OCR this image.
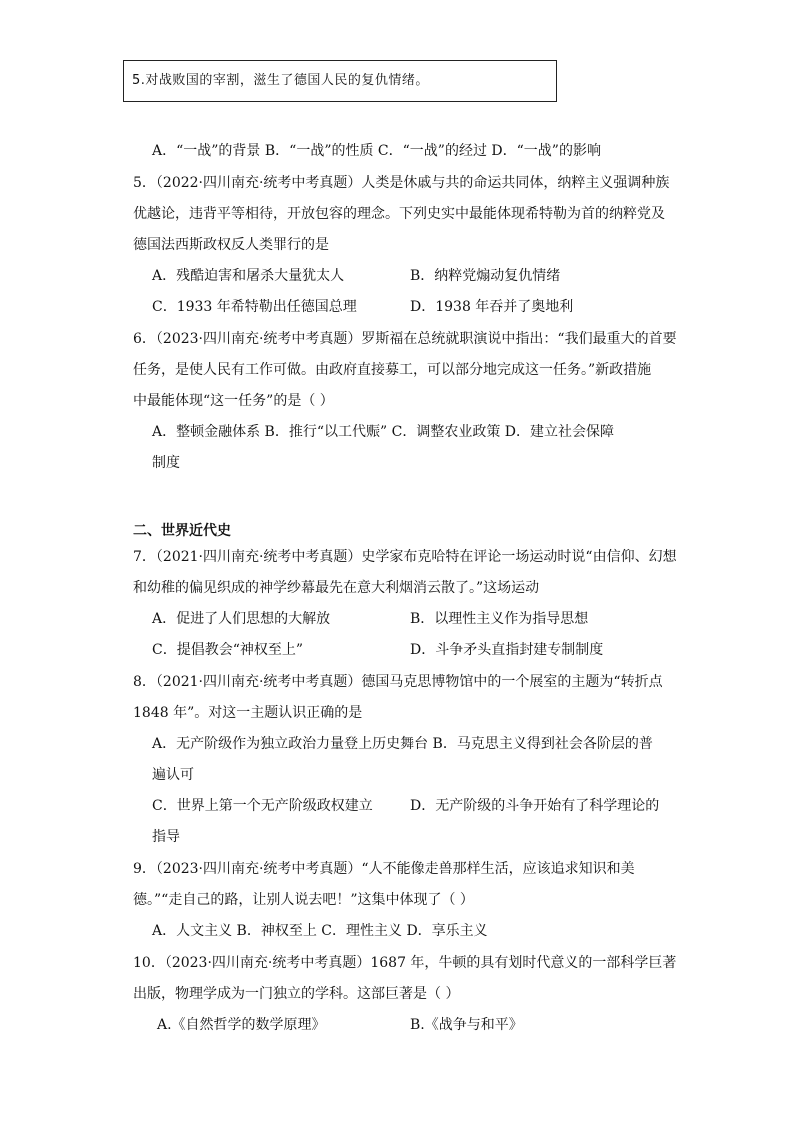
5.对战败国的宰割，滋生了德国人民的复仇情绪。
A．“一战”的背景 B．“一战”的性质 C．“一战”的经过 D．“一战”的影响
5．（2022·四川南充·统考中考真题）人类是休戚与共的命运共同体，纳粹主义强调种族
优越论，违背平等相待，开放包容的理念。下列史实中最能体现希特勒为首的纳粹党及
德国法西斯政权反人类罪行的是
A．残酷迫害和屠杀大量犹太人	B．纳粹党煽动复仇情绪
C．1933 年希特勒出任德国总理	D．1938 年吞并了奥地利
6．（2023·四川南充·统考中考真题）罗斯福在总统就职演说中指出：“我们最重大的首要
任务，是使人民有工作可做。由政府直接募工，可以部分地完成这一任务。”新政措施
中最能体现“这一任务”的是（ ）
A．整顿金融体系 B．推行“以工代赈” C．调整农业政策 D．建立社会保障
制度
二、世界近代史
7．（2021·四川南充·统考中考真题）史学家布克哈特在评论一场运动时说“由信仰、幻想
和幼稚的偏见织成的神学纱幕最先在意大利烟消云散了。”这场运动
A．促进了人们思想的大解放	B．以理性主义作为指导思想
C．提倡教会“神权至上”	D．斗争矛头直指封建专制制度
8．（2021·四川南充·统考中考真题）德国马克思博物馆中的一个展室的主题为“转折点
1848 年”。对这一主题认识正确的是
A．无产阶级作为独立政治力量登上历史舞台 B．马克思主义得到社会各阶层的普
遍认可
C．世界上第一个无产阶级政权建立	D．无产阶级的斗争开始有了科学理论的
指导
9．（2023·四川南充·统考中考真题）“人不能像走兽那样生活，应该追求知识和美
德。”“走自己的路，让别人说去吧！”这集中体现了（ ）
A．人文主义 B．神权至上 C．理性主义 D．享乐主义
10．（2023·四川南充·统考中考真题）1687 年，牛顿的具有划时代意义的一部科学巨著
出版，物理学成为一门独立的学科。这部巨著是（ ）
A.《自然哲学的数学原理》	B.《战争与和平》
